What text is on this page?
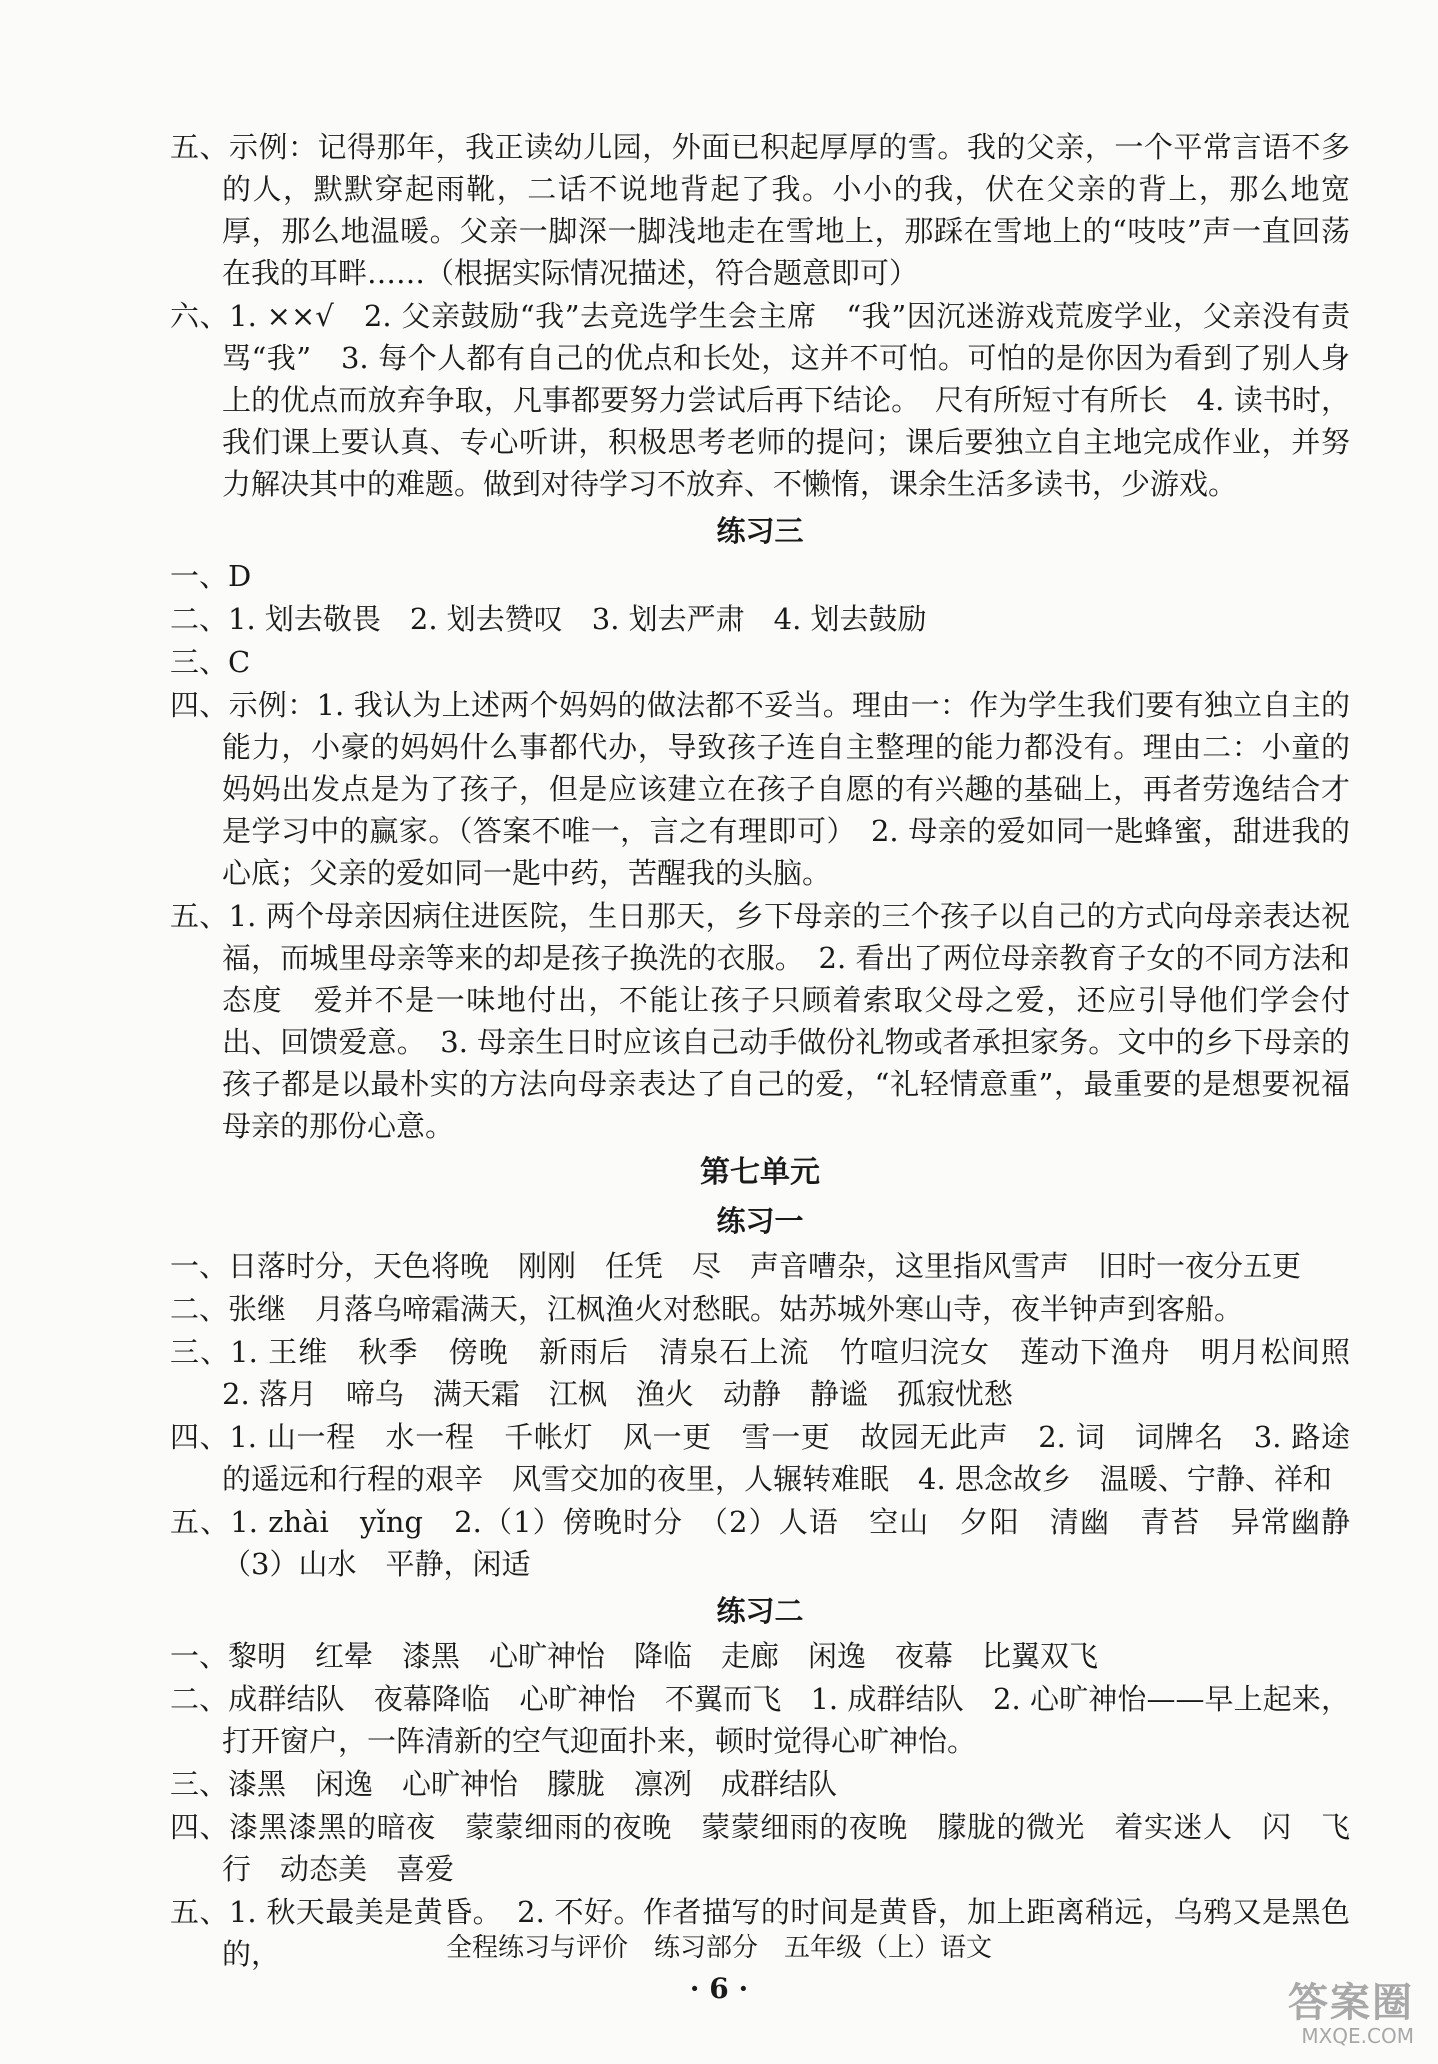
五、示例：记得那年，我正读幼儿园，外面已积起厚厚的雪。我的父亲，一个平常言语不多的人，默默穿起雨靴，二话不说地背起了我。小小的我，伏在父亲的背上，那么地宽厚，那么地温暖。父亲一脚深一脚浅地走在雪地上，那踩在雪地上的“吱吱”声一直回荡在我的耳畔……（根据实际情况描述，符合题意即可）
六、1. ××√　2. 父亲鼓励“我”去竞选学生会主席　“我”因沉迷游戏荒废学业，父亲没有责骂“我”　3. 每个人都有自己的优点和长处，这并不可怕。可怕的是你因为看到了别人身上的优点而放弃争取，凡事都要努力尝试后再下结论。　尺有所短寸有所长　4. 读书时，我们课上要认真、专心听讲，积极思考老师的提问；课后要独立自主地完成作业，并努力解决其中的难题。做到对待学习不放弃、不懒惰，课余生活多读书，少游戏。
练习三
一、D
二、1. 划去敬畏　2. 划去赞叹　3. 划去严肃　4. 划去鼓励
三、C
四、示例：1. 我认为上述两个妈妈的做法都不妥当。理由一：作为学生我们要有独立自主的能力，小豪的妈妈什么事都代办，导致孩子连自主整理的能力都没有。理由二：小童的妈妈出发点是为了孩子，但是应该建立在孩子自愿的有兴趣的基础上，再者劳逸结合才是学习中的赢家。（答案不唯一，言之有理即可）　2. 母亲的爱如同一匙蜂蜜，甜进我的心底；父亲的爱如同一匙中药，苦醒我的头脑。
五、1. 两个母亲因病住进医院，生日那天，乡下母亲的三个孩子以自己的方式向母亲表达祝福，而城里母亲等来的却是孩子换洗的衣服。　2. 看出了两位母亲教育子女的不同方法和态度　爱并不是一味地付出，不能让孩子只顾着索取父母之爱，还应引导他们学会付出、回馈爱意。　3. 母亲生日时应该自己动手做份礼物或者承担家务。文中的乡下母亲的孩子都是以最朴实的方法向母亲表达了自己的爱，“礼轻情意重”，最重要的是想要祝福母亲的那份心意。
第七单元
练习一
一、日落时分，天色将晚　刚刚　任凭　尽　声音嘈杂，这里指风雪声　旧时一夜分五更
二、张继　月落乌啼霜满天，江枫渔火对愁眠。姑苏城外寒山寺，夜半钟声到客船。
三、1. 王维　秋季　傍晚　新雨后　清泉石上流　竹喧归浣女　莲动下渔舟　明月松间照　2. 落月　啼乌　满天霜　江枫　渔火　动静　静谧　孤寂忧愁
四、1. 山一程　水一程　千帐灯　风一更　雪一更　故园无此声　2. 词　词牌名　3. 路途的遥远和行程的艰辛　风雪交加的夜里，人辗转难眠　4. 思念故乡　温暖、宁静、祥和
五、1. zhài　yǐng　2.（1）傍晚时分　（2）人语　空山　夕阳　清幽　青苔　异常幽静　（3）山水　平静，闲适
练习二
一、黎明　红晕　漆黑　心旷神怡　降临　走廊　闲逸　夜幕　比翼双飞
二、成群结队　夜幕降临　心旷神怡　不翼而飞　1. 成群结队　2. 心旷神怡——早上起来，打开窗户，一阵清新的空气迎面扑来，顿时觉得心旷神怡。
三、漆黑　闲逸　心旷神怡　朦胧　凛冽　成群结队
四、漆黑漆黑的暗夜　蒙蒙细雨的夜晚　蒙蒙细雨的夜晚　朦胧的微光　着实迷人　闪　飞行　动态美　喜爱
五、1. 秋天最美是黄昏。　2. 不好。作者描写的时间是黄昏，加上距离稍远，乌鸦又是黑色的，	全程练习与评价　练习部分　五年级（上）语文
· 6 ·	答案圈
MXQE.COM
